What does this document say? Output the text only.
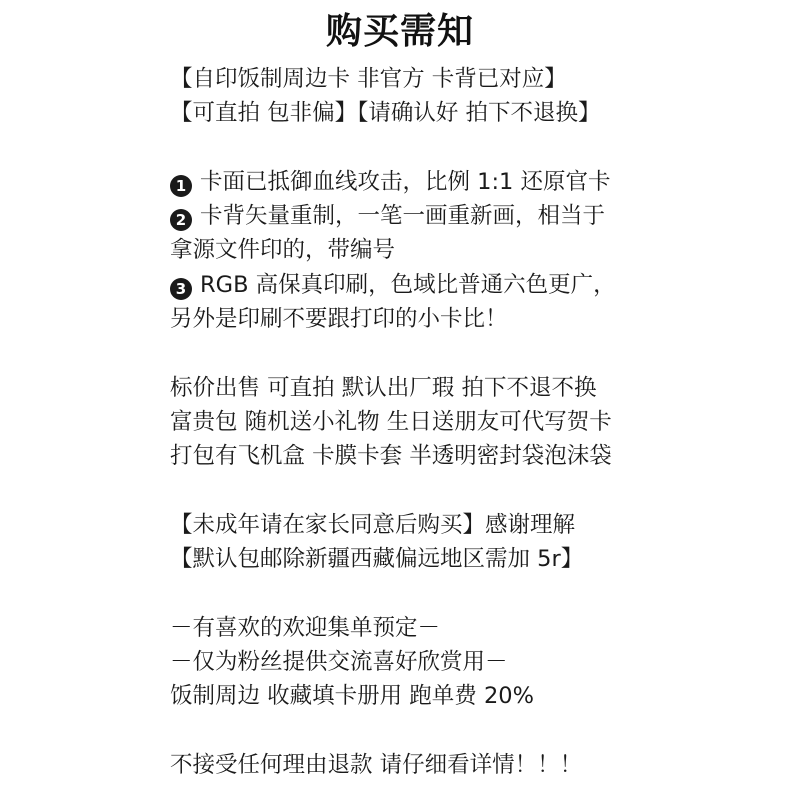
购买需知
【自印饭制周边卡 非官方 卡背已对应】
【可直拍 包非偏】【请确认好 拍下不退换】
1 卡面已抵御血线攻击，比例 1:1 还原官卡
2 卡背矢量重制，一笔一画重新画，相当于
拿源文件印的，带编号
3 RGB 高保真印刷，色域比普通六色更广，
另外是印刷不要跟打印的小卡比！
标价出售 可直拍 默认出厂瑕 拍下不退不换
富贵包 随机送小礼物 生日送朋友可代写贺卡
打包有飞机盒 卡膜卡套 半透明密封袋泡沫袋
【未成年请在家长同意后购买】感谢理解
【默认包邮除新疆西藏偏远地区需加 5r】
－有喜欢的欢迎集单预定－
－仅为粉丝提供交流喜好欣赏用－
饭制周边 收藏填卡册用 跑单费 20%
不接受任何理由退款 请仔细看详情！！！
